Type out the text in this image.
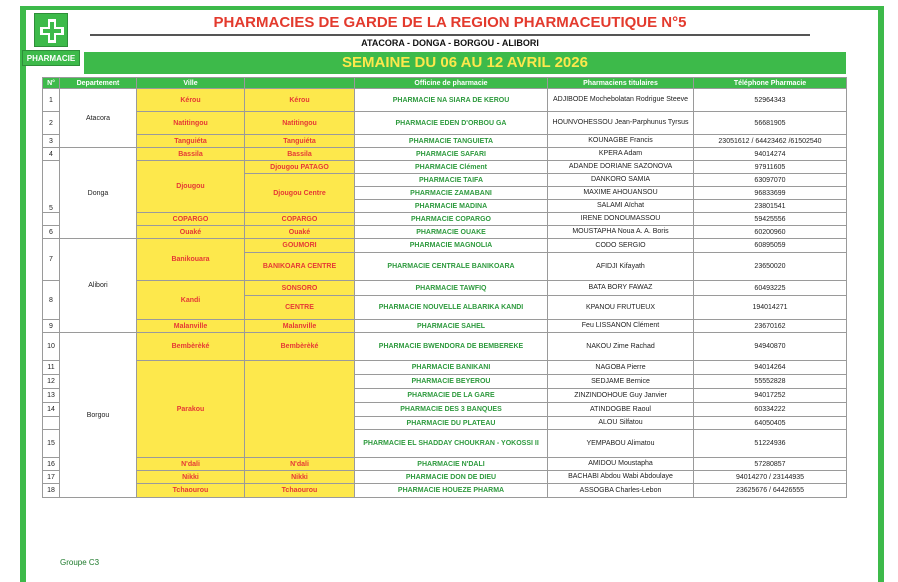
PHARMACIE
PHARMACIES DE GARDE DE LA REGION PHARMACEUTIQUE N°5
ATACORA - DONGA - BORGOU - ALIBORI
SEMAINE DU 06 AU 12 AVRIL 2026
N°	Departement	Ville		Officine de pharmacie	Pharmaciens titulaires	Téléphone Pharmacie
1	Atacora	Kérou	Kérou	PHARMACIE NA SIARA DE KEROU	ADJIBODE Mochebolatan Rodrigue Steeve	52964343
2		Natitingou	Natitingou	PHARMACIE EDEN D'ORBOU GA	HOUNVOHESSOU Jean-Parphunus Tyrsus	56681905
3		Tanguiéta	Tanguiéta	PHARMACIE TANGUIETA	KOUNAGBE Francis	23051612 / 64423462 /61502540
4	Donga	Bassila	Bassila	PHARMACIE SAFARI	KPERA Adam	94014274
5		Djougou	Djougou PATAGO	PHARMACIE Clément	ADANDE DORIANE SAZONOVA	97911605
			Djougou Centre	PHARMACIE TAIFA	DANKORO SAMIA	63097070
				PHARMACIE ZAMABANI	MAXIME AHOUANSOU	96833699
				PHARMACIE MADINA	SALAMI Aïchat	23801541
		COPARGO	COPARGO	PHARMACIE COPARGO	IRENE DONOUMASSOU	59425556
6		Ouaké	Ouaké	PHARMACIE OUAKE	MOUSTAPHA Noua A. A. Boris	60200960
7	Alibori	Banikouara	GOUMORI	PHARMACIE MAGNOLIA	CODO SERGIO	60895059
			BANIKOARA CENTRE	PHARMACIE CENTRALE BANIKOARA	AFIDJI Kifayath	23650020
8		Kandi	SONSORO	PHARMACIE TAWFIQ	BATA BORY FAWAZ	60493225
			CENTRE	PHARMACIE NOUVELLE ALBARIKA KANDI	KPANOU FRUTUEUX	194014271
9		Malanville	Malanville	PHARMACIE SAHEL	Feu LISSANON Clément	23670162
10	Borgou	Bembèrèké	Bembèrèké	PHARMACIE BWENDORA DE BEMBEREKE	NAKOU Zime Rachad	94940870
11		Parakou		PHARMACIE BANIKANI	NAGOBA Pierre	94014264
12				PHARMACIE BEYEROU	SEDJAME Bernice	55552828
13				PHARMACIE DE LA GARE	ZINZINDOHOUE Guy Janvier	94017252
14				PHARMACIE DES 3 BANQUES	ATINDOGBE Raoul	60334222
				PHARMACIE DU PLATEAU	ALOU Silfatou	64050405
15				PHARMACIE EL SHADDAY CHOUKRAN - YOKOSSI II	YEMPABOU Alimatou	51224936
16		N'dali	N'dali	PHARMACIE N'DALI	AMIDOU Moustapha	57280857
17		Nikki	Nikki	PHARMACIE DON DE DIEU	BACHABI Abdou Wabi Abdoulaye	94014270 / 23144935
18		Tchaourou	Tchaourou	PHARMACIE HOUEZE PHARMA	ASSOGBA Charles-Lebon	23625676 / 64426555
Groupe C3
